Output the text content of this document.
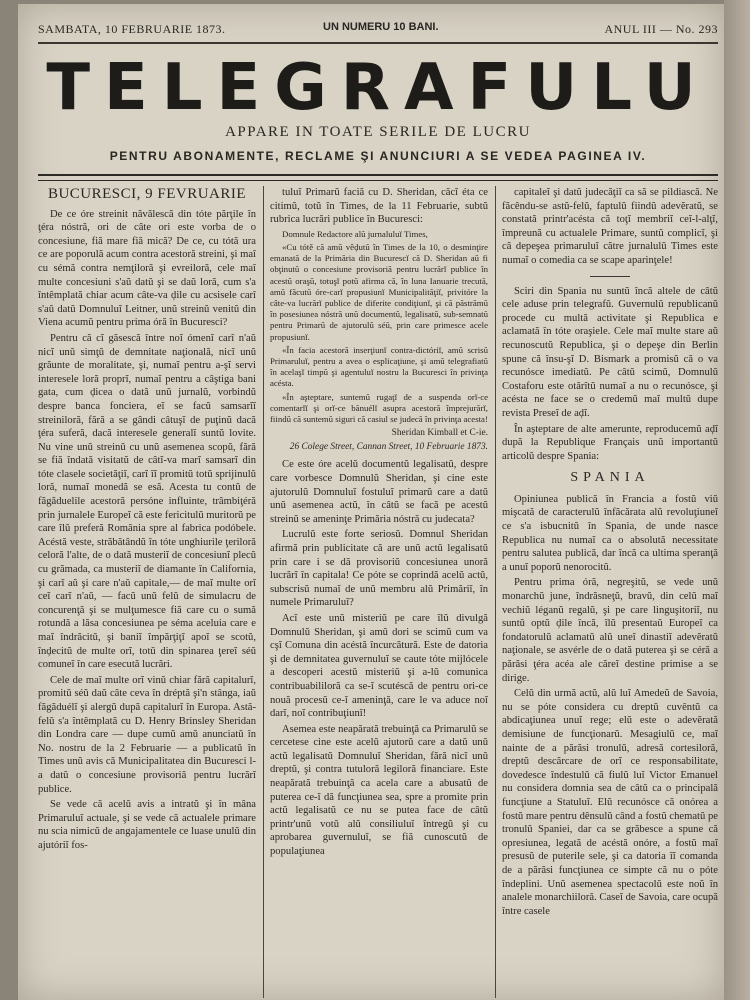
SAMBATA, 10 FEBRUARIE 1873.	UN NUMERU 10 BANI.	ANUL III — No. 293
TELEGRAFULU
APPARE IN TOATE SERILE DE LUCRU
PENTRU ABONAMENTE, RECLAME ŞI ANUNCIURI A SE VEDEA PAGINEA IV.
BUCURESCI, 9 FEVRUARIE

De ce óre streinit năvălescă din tóte părţile în ţéra nóstră, ori de câte ori este vorba de o concesiune, fiă mare fiă mică? De ce, cu tótă ura ce are poporulă acum contra acestoră streini, şi maî cu sémă contra nemţiloră şi evreiloră, cele maî multe concesiuni s'aŭ datŭ şi se daŭ loră, cum s'a întêmplată chiar acum câte-va ḑile cu acsisele carî s'aŭ datŭ Domnuluĭ Leitner, unŭ streinŭ venitŭ din Viena acumŭ pentru prima óră în Bucuresci?

Pentru că cĭ găsescă între noĭ ómenĭ carî n'aŭ nicĭ unŭ simţŭ de demnitate naţională, nicĭ unŭ grăunte de moralitate, şi, numaĭ pentru a-şĭ servi interesele loră proprĭ, numaĭ pentru a câştiga bani gata, cum ḑicea o dată unŭ jurnalŭ, vorbindŭ despre banca fonciera, eĭ se facŭ samsarĭĭ streiniloră, fără a se gândi câtuşĭ de puţinŭ dacă ţéra suferă, dacă interesele generalĭ suntŭ lovite. Nu vine unŭ streinŭ cu unŭ asemenea scopŭ, fără se fiă îndată visitatŭ de câtĭ-va marĭ samsarĭ din tóte clasele societăţiĭ, carĭ îĭ promitŭ totŭ sprijinulŭ loră, numaĭ monedă se esă. Acesta tu contŭ de făgăduelile acestoră persóne influinte, trâmbiţéră prin jurnalele Europeĭ că este fericitulŭ muritorŭ pe care îlŭ preferă România spre al fabrica podóbele. Acéstă veste, străbătândŭ în tóte unghiurile ţeriloră celoră l'alte, de o dată musteriĭ de concesiunĭ plecŭ cu grămada, ca musteriĭ de diamante în California, şi carĭ aŭ şi care n'aŭ capitale,— de maĭ multe orĭ ceĭ carĭ n'aŭ, — facŭ unŭ felŭ de simulacru de concurenţă şi se mulţumesce fiă care cu o sumă rotundă a lăsa concesiunea pe séma aceluia care e maĭ îndrăcitŭ, şi baniĭ împărţiţĭ apoĭ se scotŭ, înḑecitŭ de multe orĭ, totŭ din spinarea ţereĭ séŭ comuneĭ în care esecută lucrări.

Cele de maĭ multe orĭ vinŭ chiar fără capitalurĭ, promitŭ séŭ daŭ câte ceva în dréptă şi'n stânga, iaŭ făgăduélĭ şi alergŭ după capitalurĭ în Europa. Astă-felŭ s'a întêmplată cu D. Henry Brinsley Sheridan din Londra care — dupe cumŭ amŭ anunciatŭ în No. nostru de la 2 Februarie — a publicatŭ în Times unŭ avis că Municipalitatea din Bucuresci l-a datŭ o concesiune provisoriă pentru lucrărĭ publice.

Se vede că acelŭ avis a intratŭ şi în mâna Primaruluĭ actuale, şi se vede că actualele primare nu scia nimicŭ de angajamentele ce luase unulŭ din ajutóriĭ fos-

tuluĭ Primarŭ faciă cu D. Sheridan, căcĭ éta ce citimŭ, totŭ în Times, de la 11 Februarie, subtŭ rubrica lucrări publice în Bucuresci:

Domnule Redactore alŭ jurnaluluĭ Times,

«Cu tótě că amŭ vêḑutŭ în Times de la 10, o desminţire emanată de la Primăria din Bucurescĭ că D. Sheridan aŭ fi obţinutŭ o concesiune provisoriă pentru lucrărĭ publice în acestŭ oraşŭ, totuşĭ potŭ afirma că, în luna Ianuarie trecută, amŭ făcutŭ óre-carĭ propusiunĭ Municipalităţiĭ, privitóre la câte-va lucrărĭ publice de diferite condiţiunĭ, şi că păstrămŭ în posesiunea nóstră unŭ documentŭ, legalisatŭ, sub-semnatŭ pentru Primarŭ de ajutorulŭ séŭ, prin care primesce acele propusiunĭ.

«În facia acestoră inserţiunĭ contra-dictóriĭ, amŭ scrisŭ Primaruluĭ, pentru a avea o esplicaţiune, şi amŭ telegrafiatŭ în acelaşĭ timpŭ şi agentuluĭ nostru la Bucuresci în privinţa acésta.

«În aşteptare, suntemŭ rugaţĭ de a suspenda orĭ-ce comentarĭĭ şi orĭ-ce bănuélĭ asupra acestoră împrejurărĭ, fiindŭ că suntemŭ siguri că casiul se judecă în privinţa acesta!

Sheridan Kimball et C-ie.
26 Colege Street, Cannan Street, 10 Februarie 1873.

Ce este óre acelŭ documentŭ legalisatŭ, despre care vorbesce Domnulŭ Sheridan, şi cine este ajutorulŭ Domnuluĭ fostuluĭ primarŭ care a datŭ unŭ asemenea actŭ, în câtŭ se facă pe acestŭ streinŭ se ameninţe Primăria nóstră cu judecata?

Lucrulŭ este forte seriosŭ. Domnul Sheridan afirmă prin publicitate că are unŭ actŭ legalisatŭ prin care i se dă provisoriŭ concesiunea unoră lucrărĭ în capitala! Ce póte se coprindă acelŭ actŭ, subscrisŭ numaĭ de unŭ membru alŭ Primăriĭ, în numele Primaruluĭ?

Acĭ este unŭ misteriŭ pe care îlŭ divulgă Domnulŭ Sheridan, şi amŭ dori se scimŭ cum va cşĭ Comuna din acéstă încurcătură. Este de datoria şi de demnitatea guvernuluĭ se caute tóte mijlócele a descoperi acestŭ misteriŭ şi a-lŭ comunica contribuabililoră ca se-ĭ scutéscă de pentru ori-ce nouă procesŭ ce-ĭ ameninţă, care le va aduce noĭ darĭ, noĭ contribuţiunĭ!

Asemea este neapărată trebuinţă ca Primarulŭ se cercetese cine este acelŭ ajutorŭ care a datŭ unŭ actŭ legalisatŭ Domnuluĭ Sheridan, fără nicĭ unŭ dreptŭ, şi contra tutuloră legiloră financiare. Este neapărată trebuinţă ca acela care a abusatŭ de puterea ce-ĭ dă funcţiunea sea, spre a promite prin actŭ legalisatŭ ce nu se putea face de câtŭ printr'unŭ votŭ alŭ consiliuluĭ întregŭ şi cu aprobarea guvernuluĭ, se fiă cunoscutŭ de populaţiunea

capitaleĭ şi datŭ judecăţiĭ ca să se pildiască. Ne făcêndu-se astŭ-felŭ, faptulŭ fiindŭ adevĕratŭ, se constată printr'acésta că toţĭ membriĭ ceĭ-l-alţĭ, împreună cu actualele Primare, suntŭ complicĭ, şi că depeşea primaruluĭ către jurnalulŭ Times este numaĭ o comedia ca se scape aparinţele!

Sciri din Spania nu suntŭ încă altele de câtŭ cele aduse prin telegrafŭ. Guvernulŭ republicanŭ procede cu multă activitate şi Republica e aclamată în tóte oraşiele. Cele maĭ multe stare aŭ recunoscutŭ Republica, şi o depeşe din Berlin spune că însu-şĭ D. Bismark a promisŭ că o va recunósce imediatŭ. Pe câtŭ scimŭ, Domnulŭ Costaforu este otărîtŭ numaĭ a nu o recunósce, şi acésta ne face se o credemŭ maĭ multŭ dupe revista Preseĭ de aḑĭ.

În aşteptare de alte amerunte, reproducemŭ aḑĭ după la Republique Français unŭ importantŭ articolŭ despre Spania:

SPANIA

Opiniunea publică în Francia a fostŭ viŭ mişcată de caracterulŭ înfăcărata alŭ revoluţiuneĭ ce s'a isbucnitŭ în Spania, de unde nasce Republica nu numaĭ ca o absolută necessitate pentru salutea publică, dar încă ca ultima speranţă a unuĭ poporŭ nenorocitŭ.

Pentru prima óră, negreşitŭ, se vede unŭ monarchŭ june, îndrăsneţŭ, bravŭ, din celŭ maĭ vechiŭ léganŭ regalŭ, şi pe care linguşitoriĭ, nu suntŭ optŭ ḑile încă, îlŭ presentaŭ Europeĭ ca fondatorulŭ aclamatŭ alŭ uneĭ dinastiĭ adevĕratŭ naţionale, se asvérle de o dată puterea şi se céră a părăsi ţéra acéa ale căreĭ destine primise a se dirige.

Celŭ din urmă actŭ, alŭ luĭ Amedeŭ de Savoia, nu se póte considera cu dreptŭ cuvêntŭ ca abdicaţiunea unuĭ rege; elŭ este o adevĕrată demisiune de funcţionarŭ. Mesagiulŭ ce, maĭ nainte de a părăsi tronulŭ, adresă cortesiloră, dreptŭ descărcare de orĭ ce responsabilitate, dovedesce îndestulŭ că fiulŭ luĭ Victor Emanuel nu considera domnia sea de câtŭ ca o principală funcţiune a Statuluĭ. Elŭ recunósce că onórea a fostŭ mare pentru dênsulŭ când a fostŭ chematŭ pe tronulŭ Spaniei, dar ca se grăbesce a spune că opresiunea, legată de acéstă onóre, a fostŭ maĭ presusŭ de puterile sele, şi ca datoria îĭ comanda de a părăsi funcţiunea ce simpte că nu o póte îndeplini. Unŭ asemenea spectacolŭ este noŭ în analele monarchiiloră. Caseĭ de Savoia, care ocupă între casele
